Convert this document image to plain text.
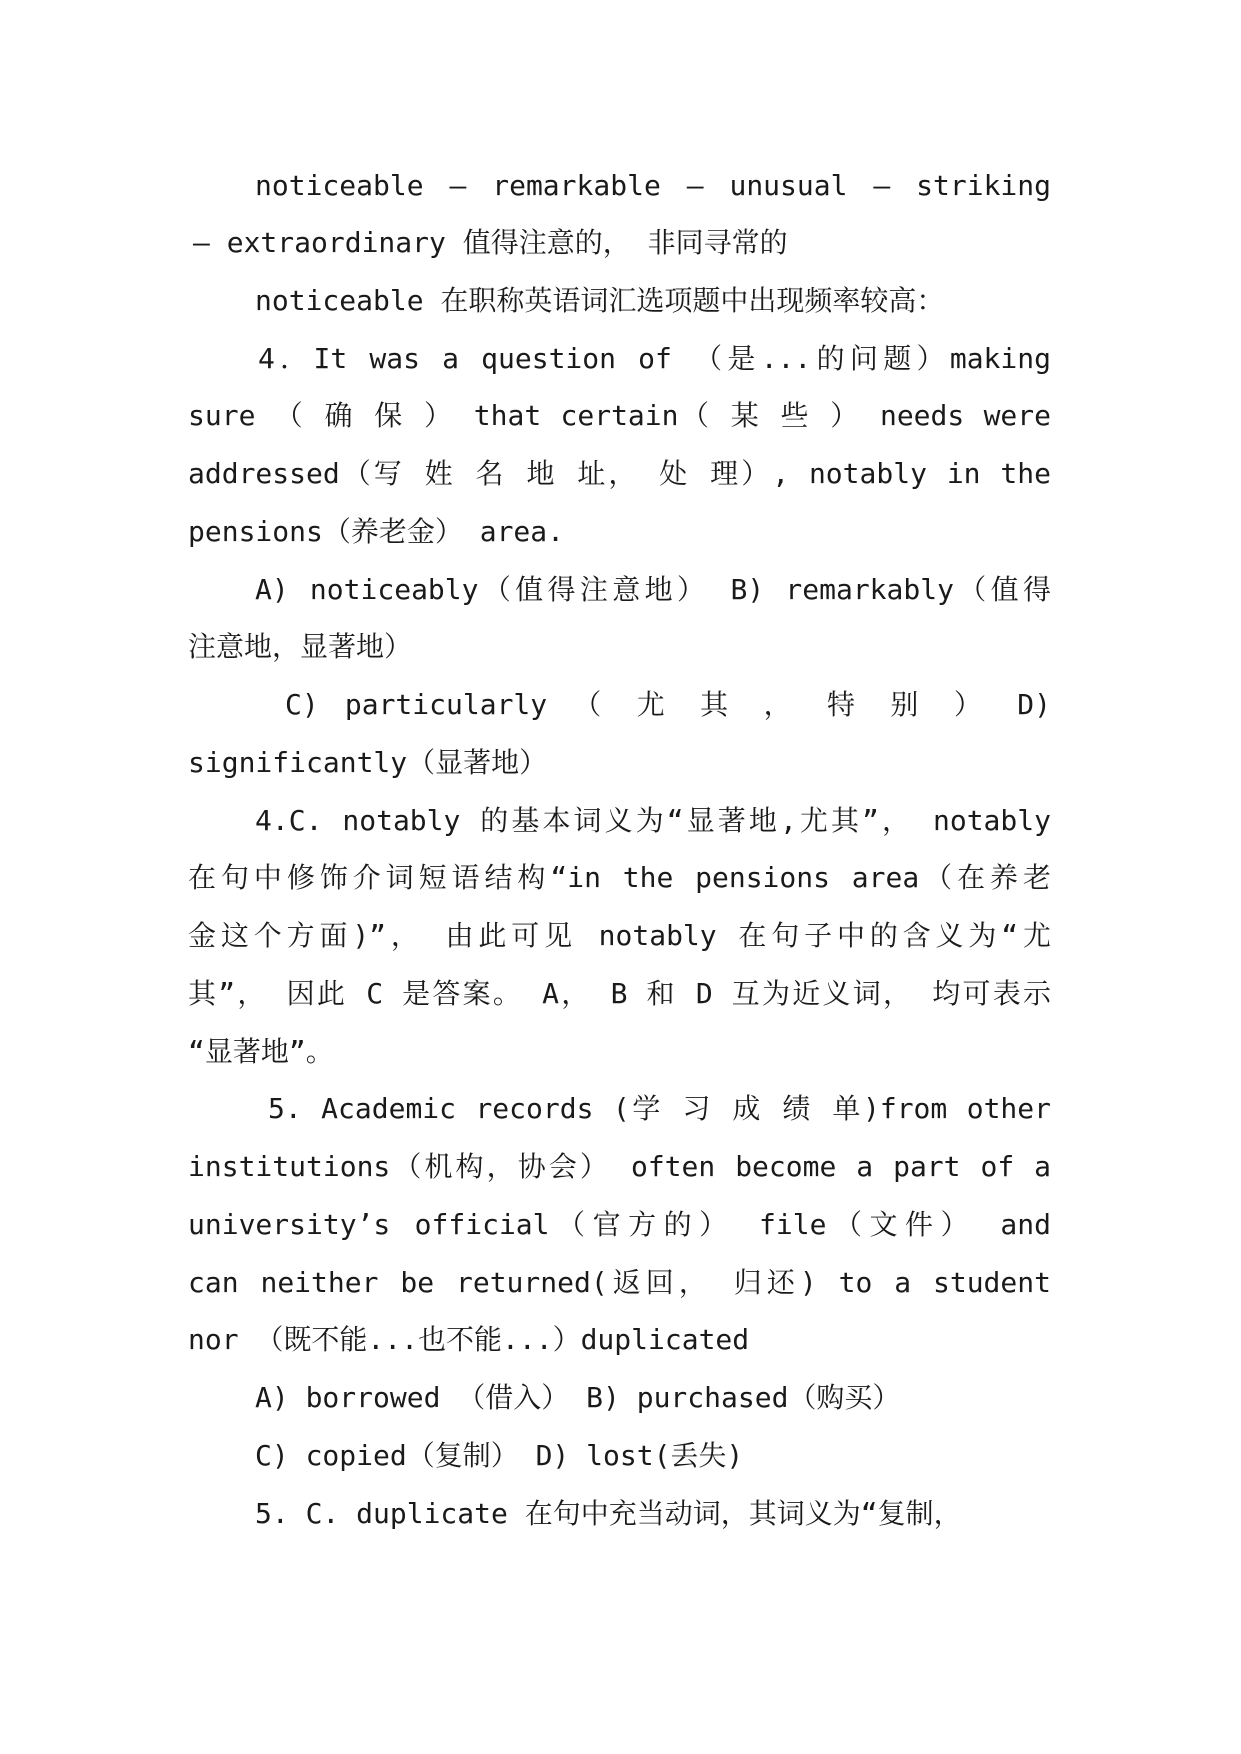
noticeable – remarkable – unusual – striking
– extraordinary 值得注意的， 非同寻常的
noticeable 在职称英语词汇选项题中出现频率较高：
4．It was a question of （是...的问题）making
sure （ 确 保 ） that certain（ 某 些 ） needs were
addressed（写 姓 名 地 址， 处 理）, notably in the
pensions（养老金） area.
A) noticeably（值得注意地） B) remarkably（值得
注意地，显著地）
C) particularly （ 尤 其 ， 特 别 ） D)
significantly（显著地）
4.C. notably 的基本词义为“显著地,尤其”， notably
在句中修饰介词短语结构“in the pensions area（在养老
金这个方面)”， 由此可见 notably 在句子中的含义为“尤
其”， 因此 C 是答案。 A， B 和 D 互为近义词， 均可表示
“显著地”。
5. Academic records (学 习 成 绩 单)from other
institutions（机构，协会） often become a part of a
university’s official（官方的） file（文件） and
can neither be returned(返回， 归还) to a student
nor （既不能...也不能...）duplicated
A) borrowed （借入） B) purchased（购买）
C) copied（复制） D) lost(丢失)
5. C. duplicate 在句中充当动词，其词义为“复制，
